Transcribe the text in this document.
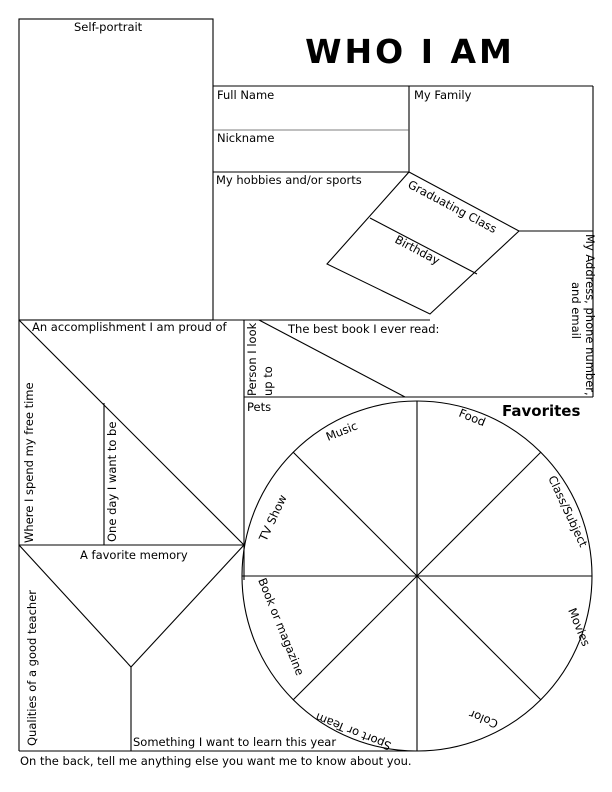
WHO I AM
Self-portrait
Full Name
Nickname
My Family
My hobbies and/or sports	Graduating Class
Birthday	My Address, phone number,
and email
An accomplishment I am proud of	The best book I ever read:
Person I look up to
Pets
Where I spend my free time	One day I want to be
A favorite memory
Qualities of a good teacher	Something I want to learn this year
Favorites
Music
Food
Class/Subject
TV Show
Movies
Book or magazine
Color
Sport or Team
On the back, tell me anything else you want me to know about you.
